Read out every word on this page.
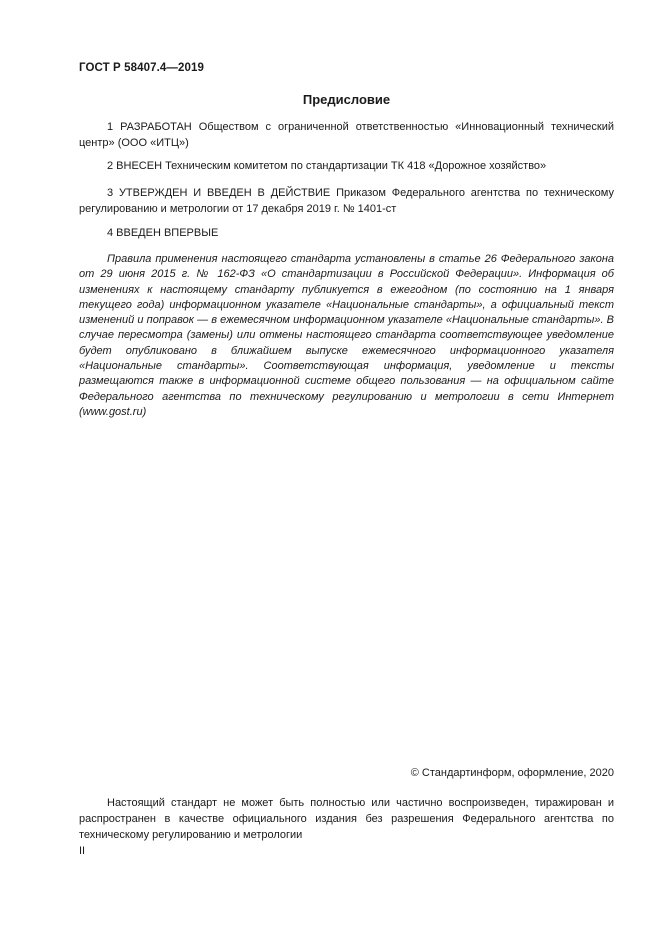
ГОСТ Р 58407.4—2019
Предисловие

1 РАЗРАБОТАН Обществом с ограниченной ответственностью «Инновационный технический центр» (ООО «ИТЦ»)

2 ВНЕСЕН Техническим комитетом по стандартизации ТК 418 «Дорожное хозяйство»

3 УТВЕРЖДЕН И ВВЕДЕН В ДЕЙСТВИЕ Приказом Федерального агентства по техническому регулированию и метрологии от 17 декабря 2019 г. № 1401-ст

4 ВВЕДЕН ВПЕРВЫЕ

Правила применения настоящего стандарта установлены в статье 26 Федерального закона от 29 июня 2015 г. № 162-ФЗ «О стандартизации в Российской Федерации». Информация об изменениях к настоящему стандарту публикуется в ежегодном (по состоянию на 1 января текущего года) информационном указателе «Национальные стандарты», а официальный текст изменений и поправок — в ежемесячном информационном указателе «Национальные стандарты». В случае пересмотра (замены) или отмены настоящего стандарта соответствующее уведомление будет опубликовано в ближайшем выпуске ежемесячного информационного указателя «Национальные стандарты». Соответствующая информация, уведомление и тексты размещаются также в информационной системе общего пользования — на официальном сайте Федерального агентства по техническому регулированию и метрологии в сети Интернет (www.gost.ru)

© Стандартинформ, оформление, 2020

Настоящий стандарт не может быть полностью или частично воспроизведен, тиражирован и распространен в качестве официального издания без разрешения Федерального агентства по техническому регулированию и метрологии

II
